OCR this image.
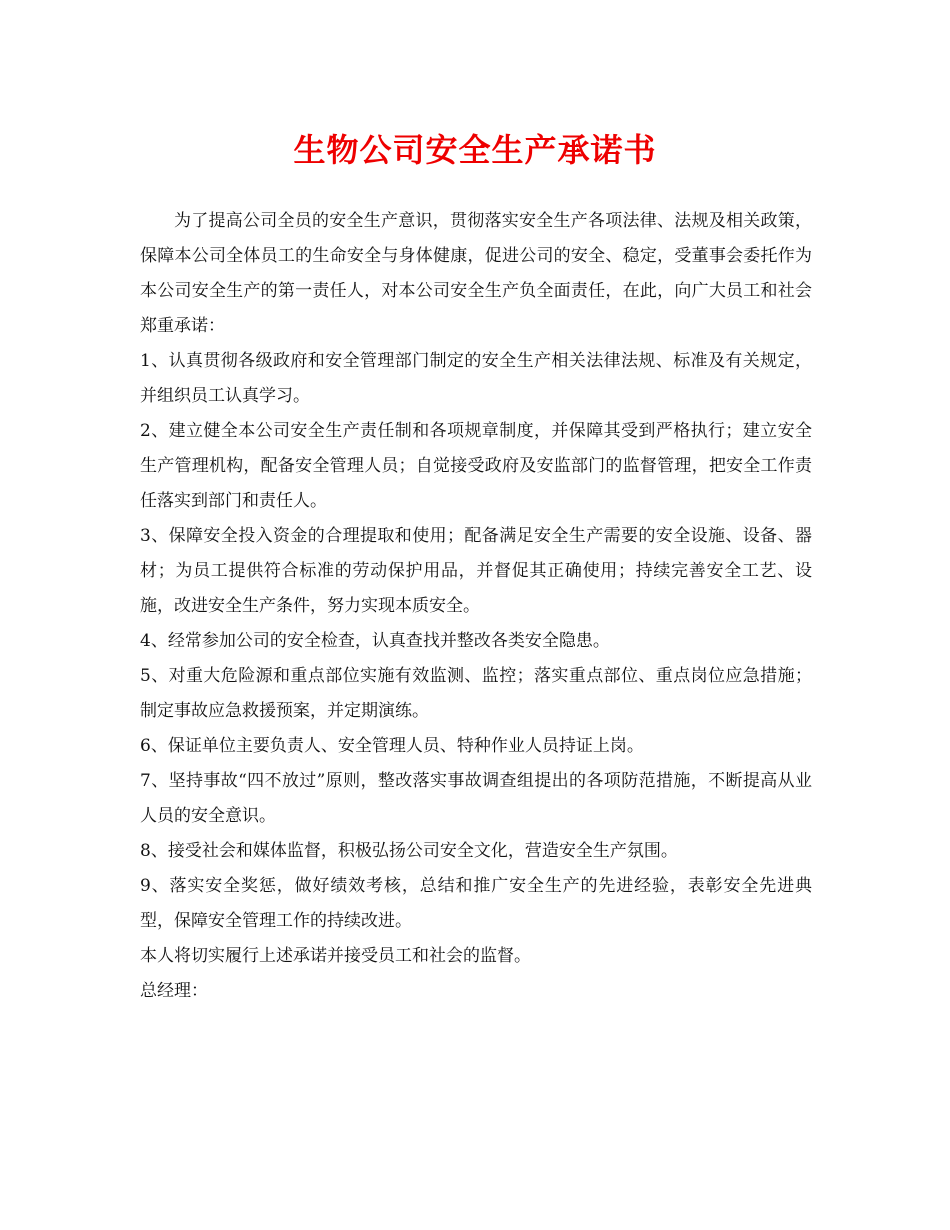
生物公司安全生产承诺书

为了提高公司全员的安全生产意识，贯彻落实安全生产各项法律、法规及相关政策，保障本公司全体员工的生命安全与身体健康，促进公司的安全、稳定，受董事会委托作为本公司安全生产的第一责任人，对本公司安全生产负全面责任，在此，向广大员工和社会郑重承诺：

1、认真贯彻各级政府和安全管理部门制定的安全生产相关法律法规、标准及有关规定，并组织员工认真学习。

2、建立健全本公司安全生产责任制和各项规章制度，并保障其受到严格执行；建立安全生产管理机构，配备安全管理人员；自觉接受政府及安监部门的监督管理，把安全工作责任落实到部门和责任人。

3、保障安全投入资金的合理提取和使用；配备满足安全生产需要的安全设施、设备、器材；为员工提供符合标准的劳动保护用品，并督促其正确使用；持续完善安全工艺、设施，改进安全生产条件，努力实现本质安全。

4、经常参加公司的安全检查，认真查找并整改各类安全隐患。

5、对重大危险源和重点部位实施有效监测、监控；落实重点部位、重点岗位应急措施；制定事故应急救援预案，并定期演练。

6、保证单位主要负责人、安全管理人员、特种作业人员持证上岗。

7、坚持事故“四不放过”原则，整改落实事故调查组提出的各项防范措施，不断提高从业人员的安全意识。

8、接受社会和媒体监督，积极弘扬公司安全文化，营造安全生产氛围。

9、落实安全奖惩，做好绩效考核，总结和推广安全生产的先进经验，表彰安全先进典型，保障安全管理工作的持续改进。

本人将切实履行上述承诺并接受员工和社会的监督。

总经理：
